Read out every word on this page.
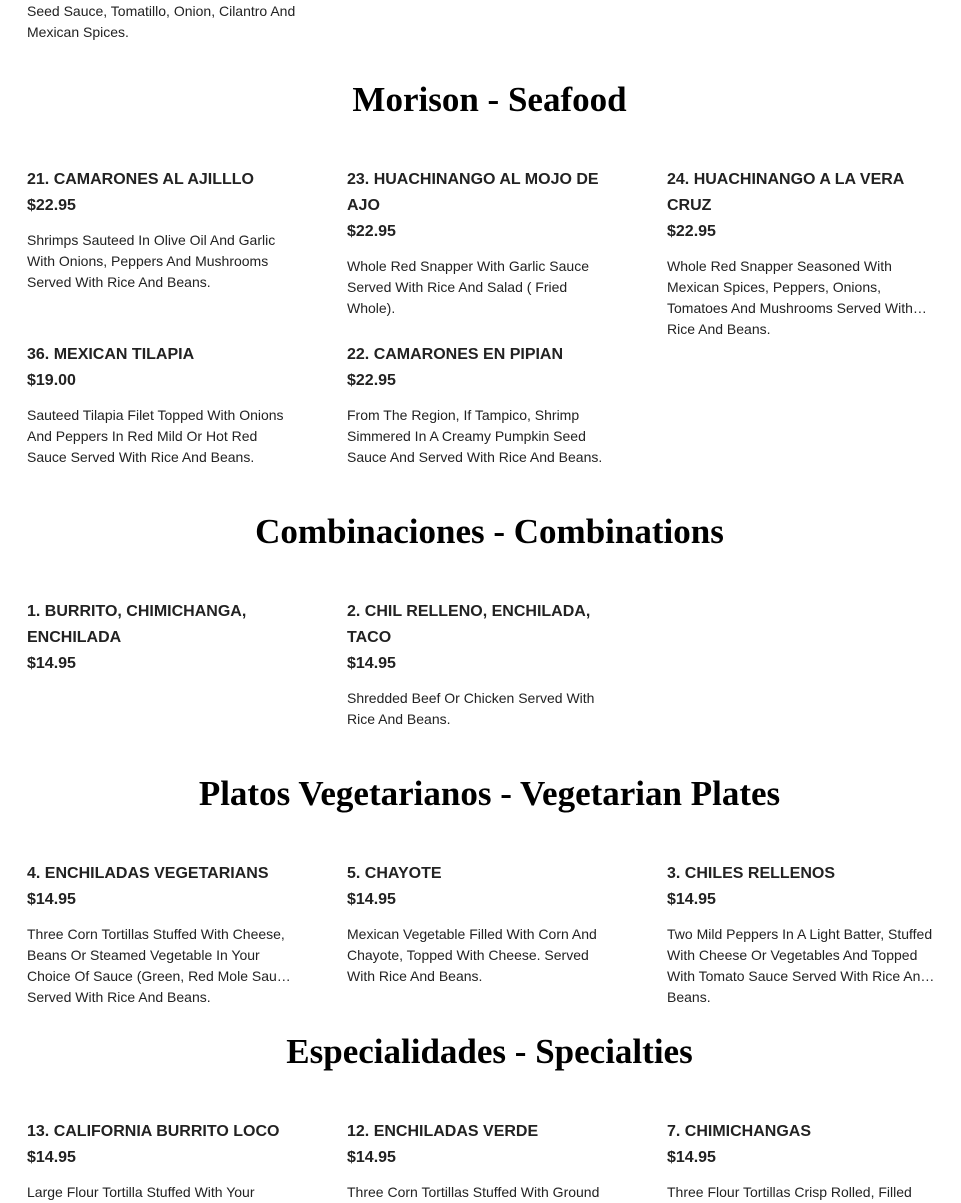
Seed Sauce, Tomatillo, Onion, Cilantro And Mexican Spices.

Morison - Seafood
21. CAMARONES AL AJILLLO

$22.95

Shrimps Sauteed In Olive Oil And Garlic With Onions, Peppers And Mushrooms Served With Rice And Beans.

23. HUACHINANGO AL MOJO DE AJO

$22.95

Whole Red Snapper With Garlic Sauce Served With Rice And Salad ( Fried Whole).

24. HUACHINANGO A LA VERA CRUZ

$22.95

Whole Red Snapper Seasoned With Mexican Spices, Peppers, Onions, Tomatoes And Mushrooms Served With Rice And Beans.

36. MEXICAN TILAPIA

$19.00

Sauteed Tilapia Filet Topped With Onions And Peppers In Red Mild Or Hot Red Sauce Served With Rice And Beans.

22. CAMARONES EN PIPIAN

$22.95

From The Region, If Tampico, Shrimp Simmered In A Creamy Pumpkin Seed Sauce And Served With Rice And Beans.

Combinaciones - Combinations
1. BURRITO, CHIMICHANGA, ENCHILADA

$14.95

2. CHIL RELLENO, ENCHILADA, TACO

$14.95

Shredded Beef Or Chicken Served With Rice And Beans.

Platos Vegetarianos - Vegetarian Plates
4. ENCHILADAS VEGETARIANS

$14.95

Three Corn Tortillas Stuffed With Cheese, Beans Or Steamed Vegetable In Your Choice Of Sauce (Green, Red Mole Sauce) Served With Rice And Beans.

5. CHAYOTE

$14.95

Mexican Vegetable Filled With Corn And Chayote, Topped With Cheese. Served With Rice And Beans.

3. CHILES RELLENOS

$14.95

Two Mild Peppers In A Light Batter, Stuffed With Cheese Or Vegetables And Topped With Tomato Sauce Served With Rice And Beans.

Especialidades - Specialties
13. CALIFORNIA BURRITO LOCO

$14.95

Large Flour Tortilla Stuffed With Your

12. ENCHILADAS VERDE

$14.95

Three Corn Tortillas Stuffed With Ground

7. CHIMICHANGAS

$14.95

Three Flour Tortillas Crisp Rolled, Filled
